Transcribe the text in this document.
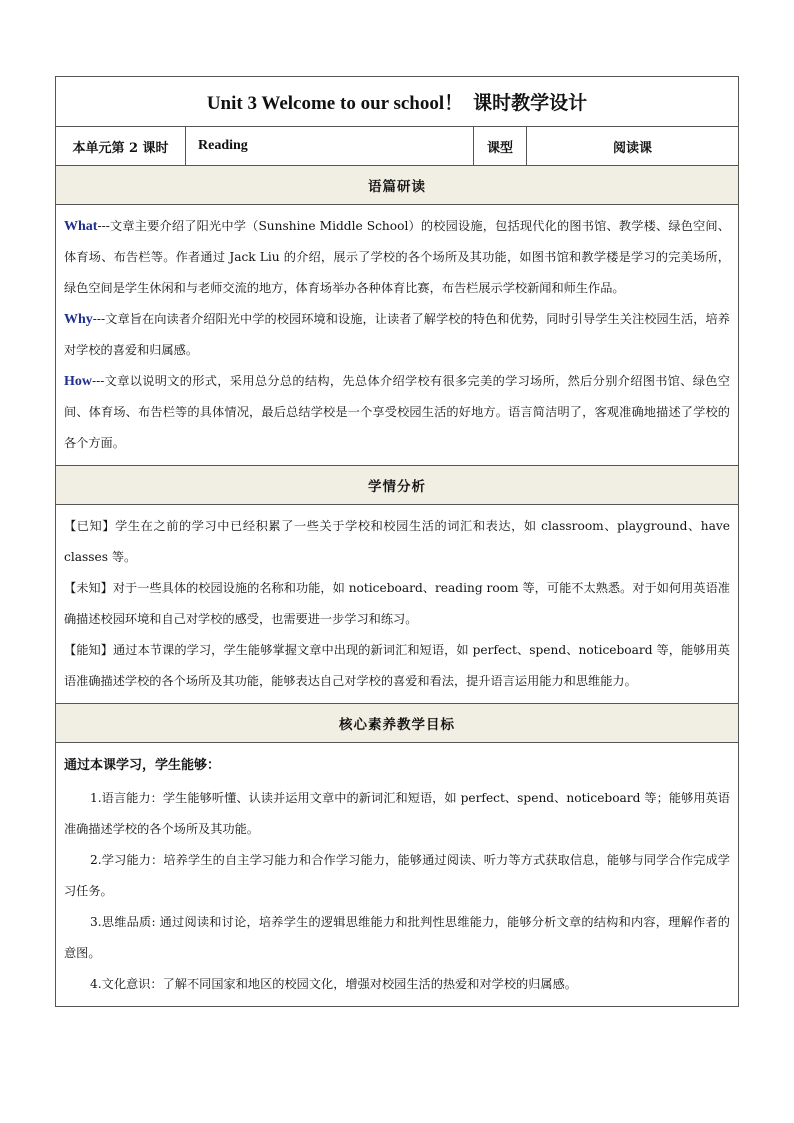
Unit 3 Welcome to our school！ 课时教学设计
本单元第 2 课时	Reading	课型	阅读课
语篇研读

What---文章主要介绍了阳光中学（Sunshine Middle School）的校园设施，包括现代化的图书馆、教学楼、绿色空间、体育场、布告栏等。作者通过 Jack Liu 的介绍，展示了学校的各个场所及其功能，如图书馆和教学楼是学习的完美场所，绿色空间是学生休闲和与老师交流的地方，体育场举办各种体育比赛，布告栏展示学校新闻和师生作品。

Why---文章旨在向读者介绍阳光中学的校园环境和设施，让读者了解学校的特色和优势，同时引导学生关注校园生活，培养对学校的喜爱和归属感。

How---文章以说明文的形式，采用总分总的结构，先总体介绍学校有很多完美的学习场所，然后分别介绍图书馆、绿色空间、体育场、布告栏等的具体情况，最后总结学校是一个享受校园生活的好地方。语言简洁明了，客观准确地描述了学校的各个方面。

学情分析

【已知】学生在之前的学习中已经积累了一些关于学校和校园生活的词汇和表达，如 classroom、playground、have classes 等。

【未知】对于一些具体的校园设施的名称和功能，如 noticeboard、reading room 等，可能不太熟悉。对于如何用英语准确描述校园环境和自己对学校的感受，也需要进一步学习和练习。

【能知】通过本节课的学习，学生能够掌握文章中出现的新词汇和短语，如 perfect、spend、noticeboard 等，能够用英语准确描述学校的各个场所及其功能，能够表达自己对学校的喜爱和看法，提升语言运用能力和思维能力。

核心素养教学目标

通过本课学习，学生能够：

1.语言能力：学生能够听懂、认读并运用文章中的新词汇和短语，如 perfect、spend、noticeboard 等；能够用英语准确描述学校的各个场所及其功能。

2.学习能力：培养学生的自主学习能力和合作学习能力，能够通过阅读、听力等方式获取信息，能够与同学合作完成学习任务。

3.思维品质: 通过阅读和讨论，培养学生的逻辑思维能力和批判性思维能力，能够分析文章的结构和内容，理解作者的意图。

4.文化意识：了解不同国家和地区的校园文化，增强对校园生活的热爱和对学校的归属感。
